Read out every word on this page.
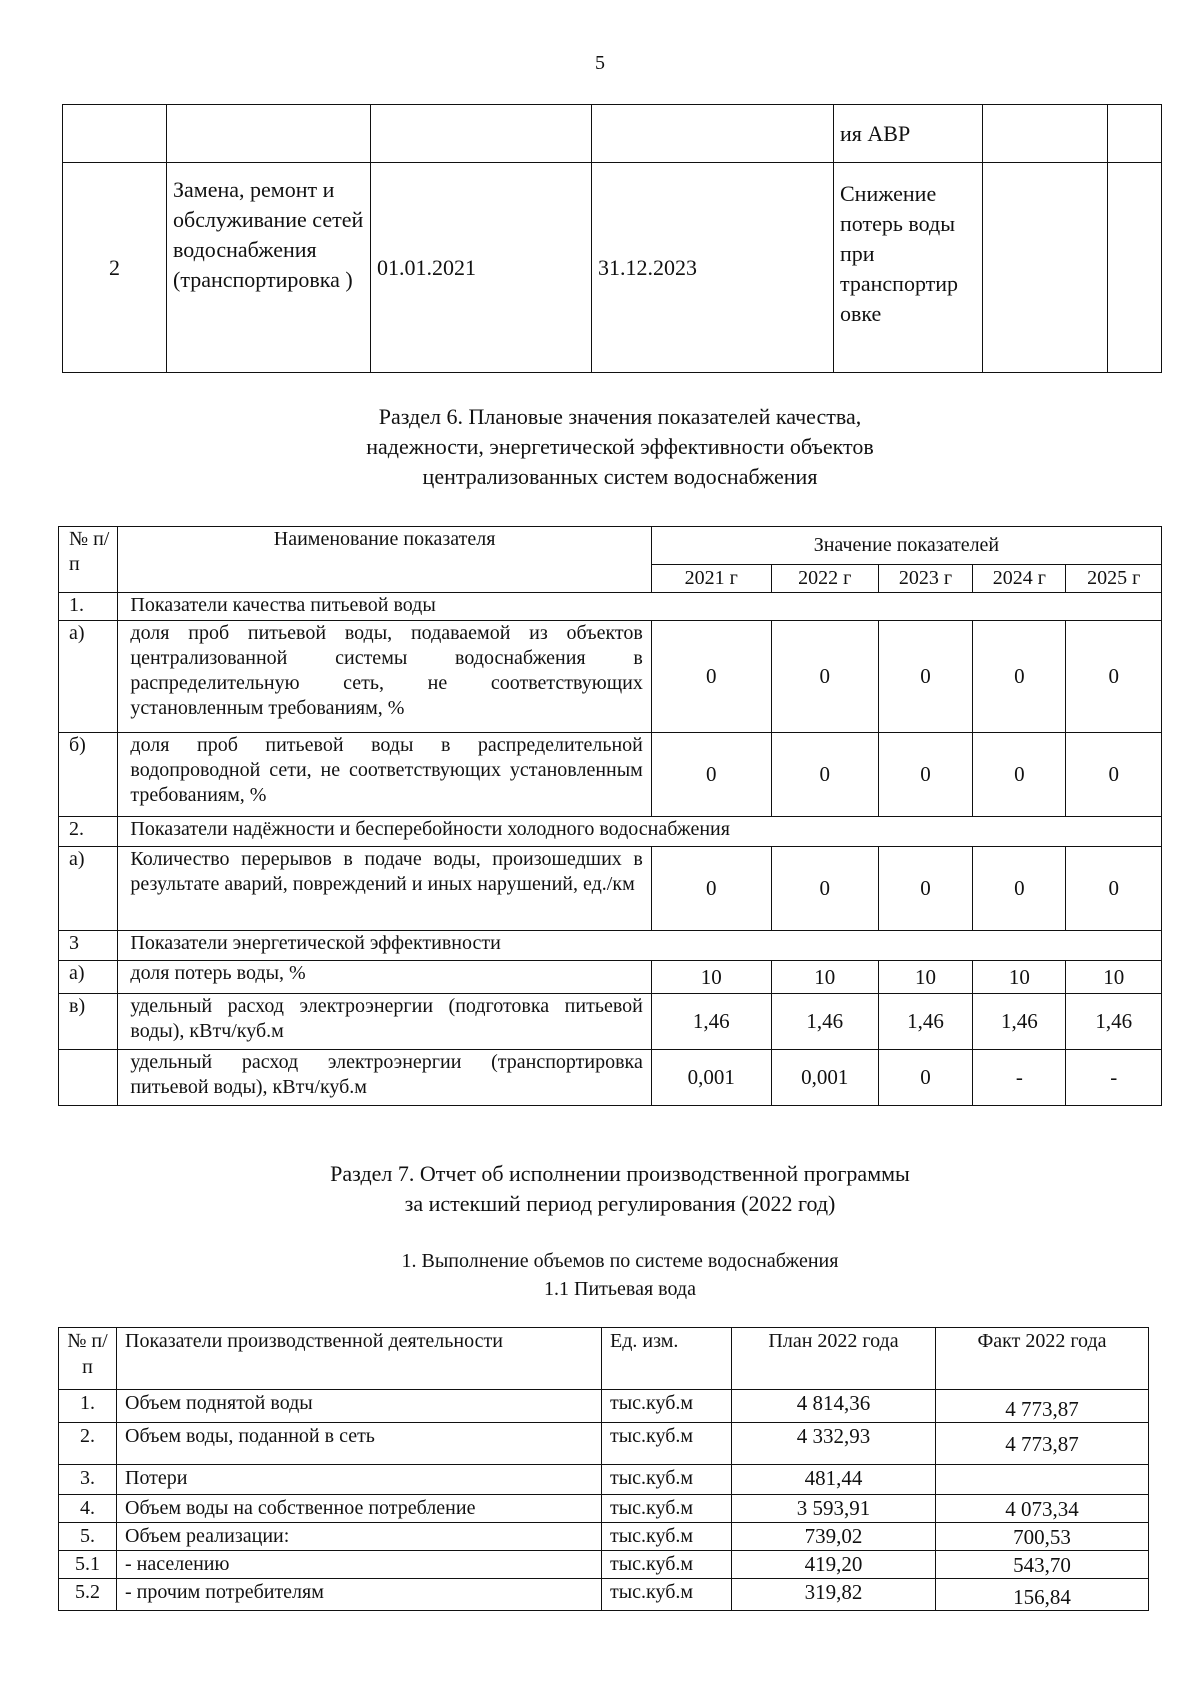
5
				ия АВР		
2	Замена, ремонт и обслуживание сетей водоснабжения (транспортировка )	01.01.2021	31.12.2023	Снижение потерь воды при транспортир овке		
Раздел 6. Плановые значения показателей качества,
надежности, энергетической эффективности объектов
централизованных систем водоснабжения
№ п/п	Наименование показателя	Значение показателей				
		2021 г	2022 г	2023 г	2024 г	2025 г
1.	Показатели качества питьевой воды					
а)	доля проб питьевой воды, подаваемой из объектов централизованной системы водоснабжения в распределительную сеть, не соответствующих установленным требованиям, %	0	0	0	0	0
б)	доля проб питьевой воды в распределительной водопроводной сети, не соответствующих установленным требованиям, %	0	0	0	0	0
2.	Показатели надёжности и бесперебойности холодного водоснабжения					
а)	Количество перерывов в подаче воды, произошедших в результате аварий, повреждений и иных нарушений, ед./км	0	0	0	0	0
3	Показатели энергетической эффективности					
а)	доля потерь воды, %	10	10	10	10	10
в)	удельный расход электроэнергии (подготовка питьевой воды), кВтч/куб.м	1,46	1,46	1,46	1,46	1,46
	удельный расход электроэнергии (транспортировка питьевой воды), кВтч/куб.м	0,001	0,001	0	-	-
Раздел 7. Отчет об исполнении производственной программы
за истекший период регулирования (2022 год)
1. Выполнение объемов по системе водоснабжения
1.1 Питьевая вода
№ п/п	Показатели производственной деятельности	Ед. изм.	План 2022 года	Факт 2022 года
1.	Объем поднятой воды	тыс.куб.м	4 814,36	4 773,87
2.	Объем воды, поданной в сеть	тыс.куб.м	4 332,93	4 773,87
3.	Потери	тыс.куб.м	481,44	
4.	Объем воды на собственное потребление	тыс.куб.м	3 593,91	4 073,34
5.	Объем реализации:	тыс.куб.м	739,02	700,53
5.1	- населению	тыс.куб.м	419,20	543,70
5.2	- прочим потребителям	тыс.куб.м	319,82	156,84
